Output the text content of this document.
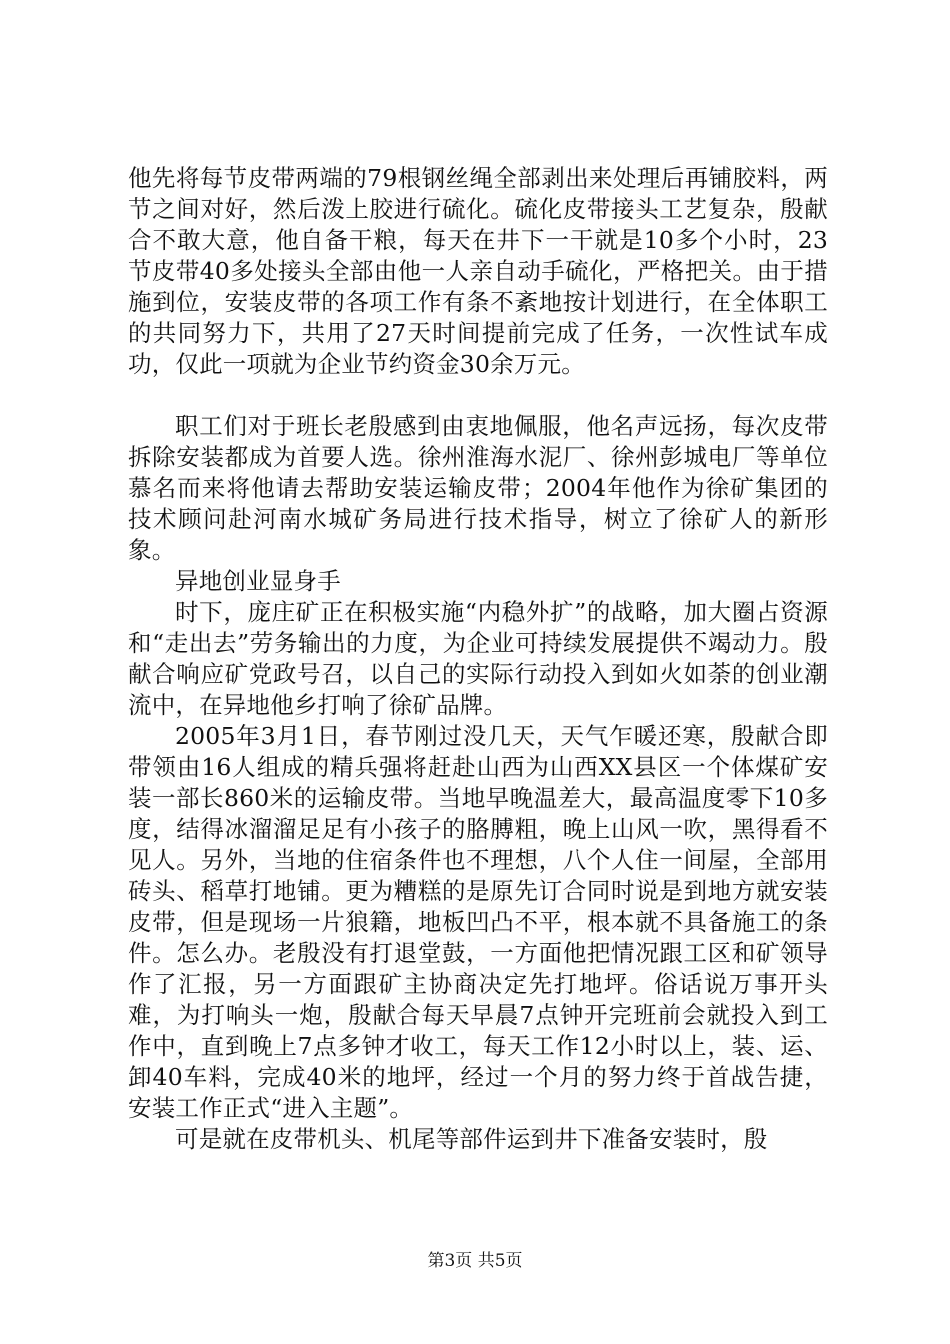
他先将每节皮带两端的79根钢丝绳全部剥出来处理后再铺胶料，两节之间对好，然后泼上胶进行硫化。硫化皮带接头工艺复杂，殷献合不敢大意，他自备干粮，每天在井下一干就是10多个小时，23节皮带40多处接头全部由他一人亲自动手硫化，严格把关。由于措施到位，安装皮带的各项工作有条不紊地按计划进行，在全体职工的共同努力下，共用了27天时间提前完成了任务，一次性试车成功，仅此一项就为企业节约资金30余万元。

职工们对于班长老殷感到由衷地佩服，他名声远扬，每次皮带拆除安装都成为首要人选。徐州淮海水泥厂、徐州彭城电厂等单位慕名而来将他请去帮助安装运输皮带；2004年他作为徐矿集团的技术顾问赴河南水城矿务局进行技术指导，树立了徐矿人的新形象。

异地创业显身手

时下，庞庄矿正在积极实施“内稳外扩”的战略，加大圈占资源和“走出去”劳务输出的力度，为企业可持续发展提供不竭动力。殷献合响应矿党政号召，以自己的实际行动投入到如火如荼的创业潮流中，在异地他乡打响了徐矿品牌。

2005年3月1日，春节刚过没几天，天气乍暖还寒，殷献合即带领由16人组成的精兵强将赶赴山西为山西XX县区一个体煤矿安装一部长860米的运输皮带。当地早晚温差大，最高温度零下10多度，结得冰溜溜足足有小孩子的胳膊粗，晚上山风一吹，黑得看不见人。另外，当地的住宿条件也不理想，八个人住一间屋，全部用砖头、稻草打地铺。更为糟糕的是原先订合同时说是到地方就安装皮带，但是现场一片狼籍，地板凹凸不平，根本就不具备施工的条件。怎么办。老殷没有打退堂鼓，一方面他把情况跟工区和矿领导作了汇报，另一方面跟矿主协商决定先打地坪。俗话说万事开头难，为打响头一炮，殷献合每天早晨7点钟开完班前会就投入到工作中，直到晚上7点多钟才收工，每天工作12小时以上，装、运、卸40车料，完成40米的地坪，经过一个月的努力终于首战告捷，安装工作正式“进入主题”。

可是就在皮带机头、机尾等部件运到井下准备安装时，殷

第3页 共5页
